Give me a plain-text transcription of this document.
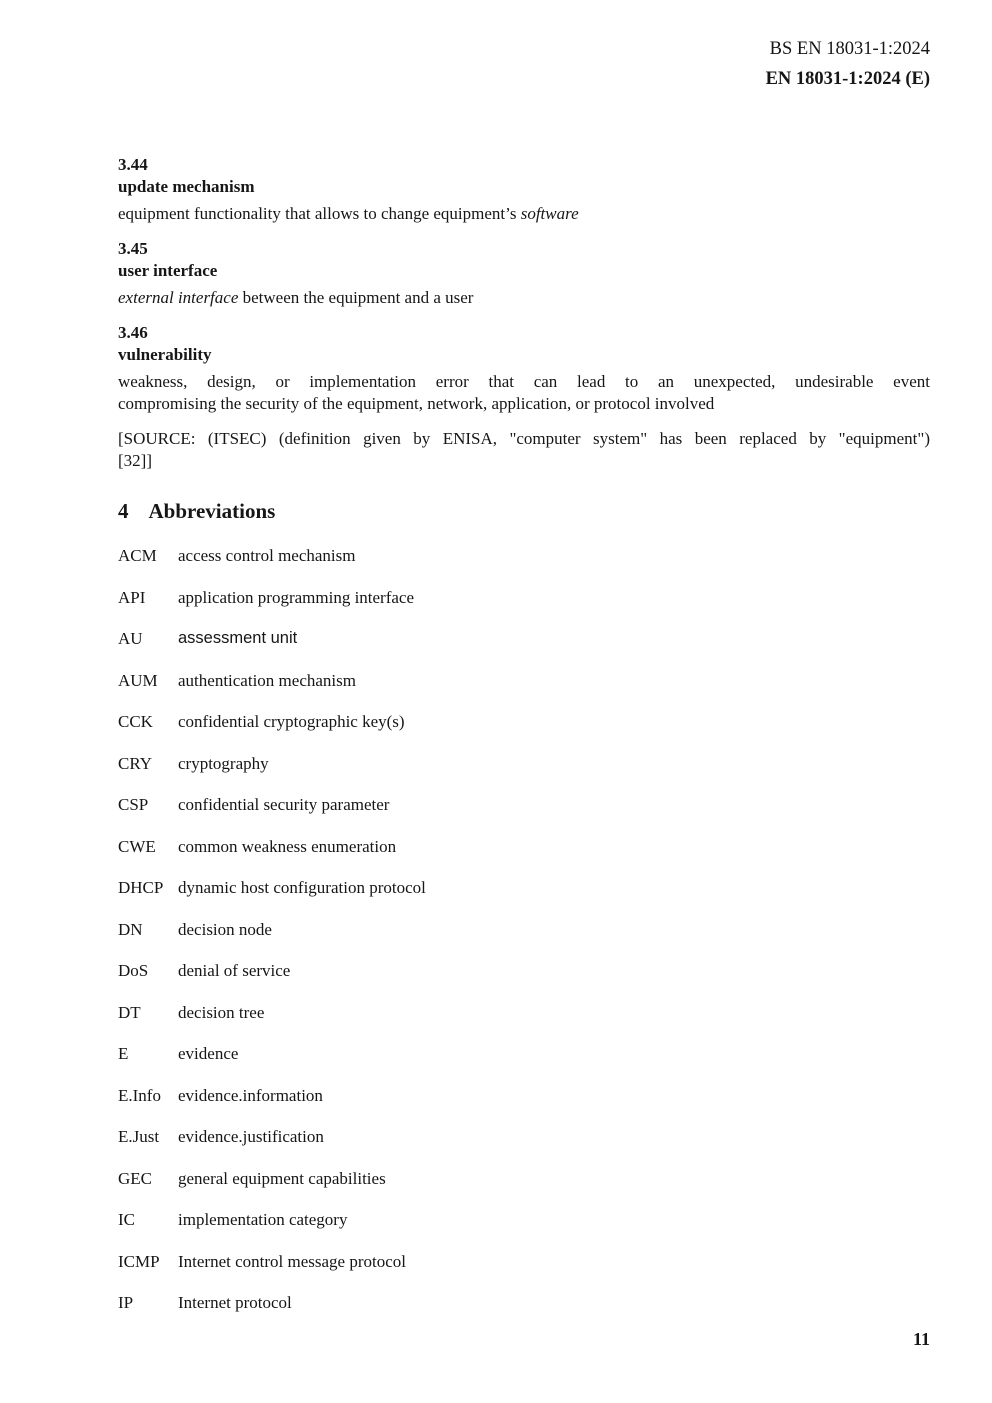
BS EN 18031-1:2024
EN 18031-1:2024 (E)
3.44
update mechanism
equipment functionality that allows to change equipment’s software
3.45
user interface
external interface between the equipment and a user
3.46
vulnerability
weakness, design, or implementation error that can lead to an unexpected, undesirable event
compromising the security of the equipment, network, application, or protocol involved
[SOURCE: (ITSEC) (definition given by ENISA, "computer system" has been replaced by "equipment")
[32]]
4 Abbreviations
ACM	access control mechanism
API	application programming interface
AU	assessment unit
AUM	authentication mechanism
CCK	confidential cryptographic key(s)
CRY	cryptography
CSP	confidential security parameter
CWE	common weakness enumeration
DHCP dynamic host configuration protocol
DN	decision node
DoS	denial of service
DT	decision tree
E	evidence
E.Info	evidence.information
E.Just	evidence.justification
GEC	general equipment capabilities
IC	implementation category
ICMP	Internet control message protocol
IP	Internet protocol
11
